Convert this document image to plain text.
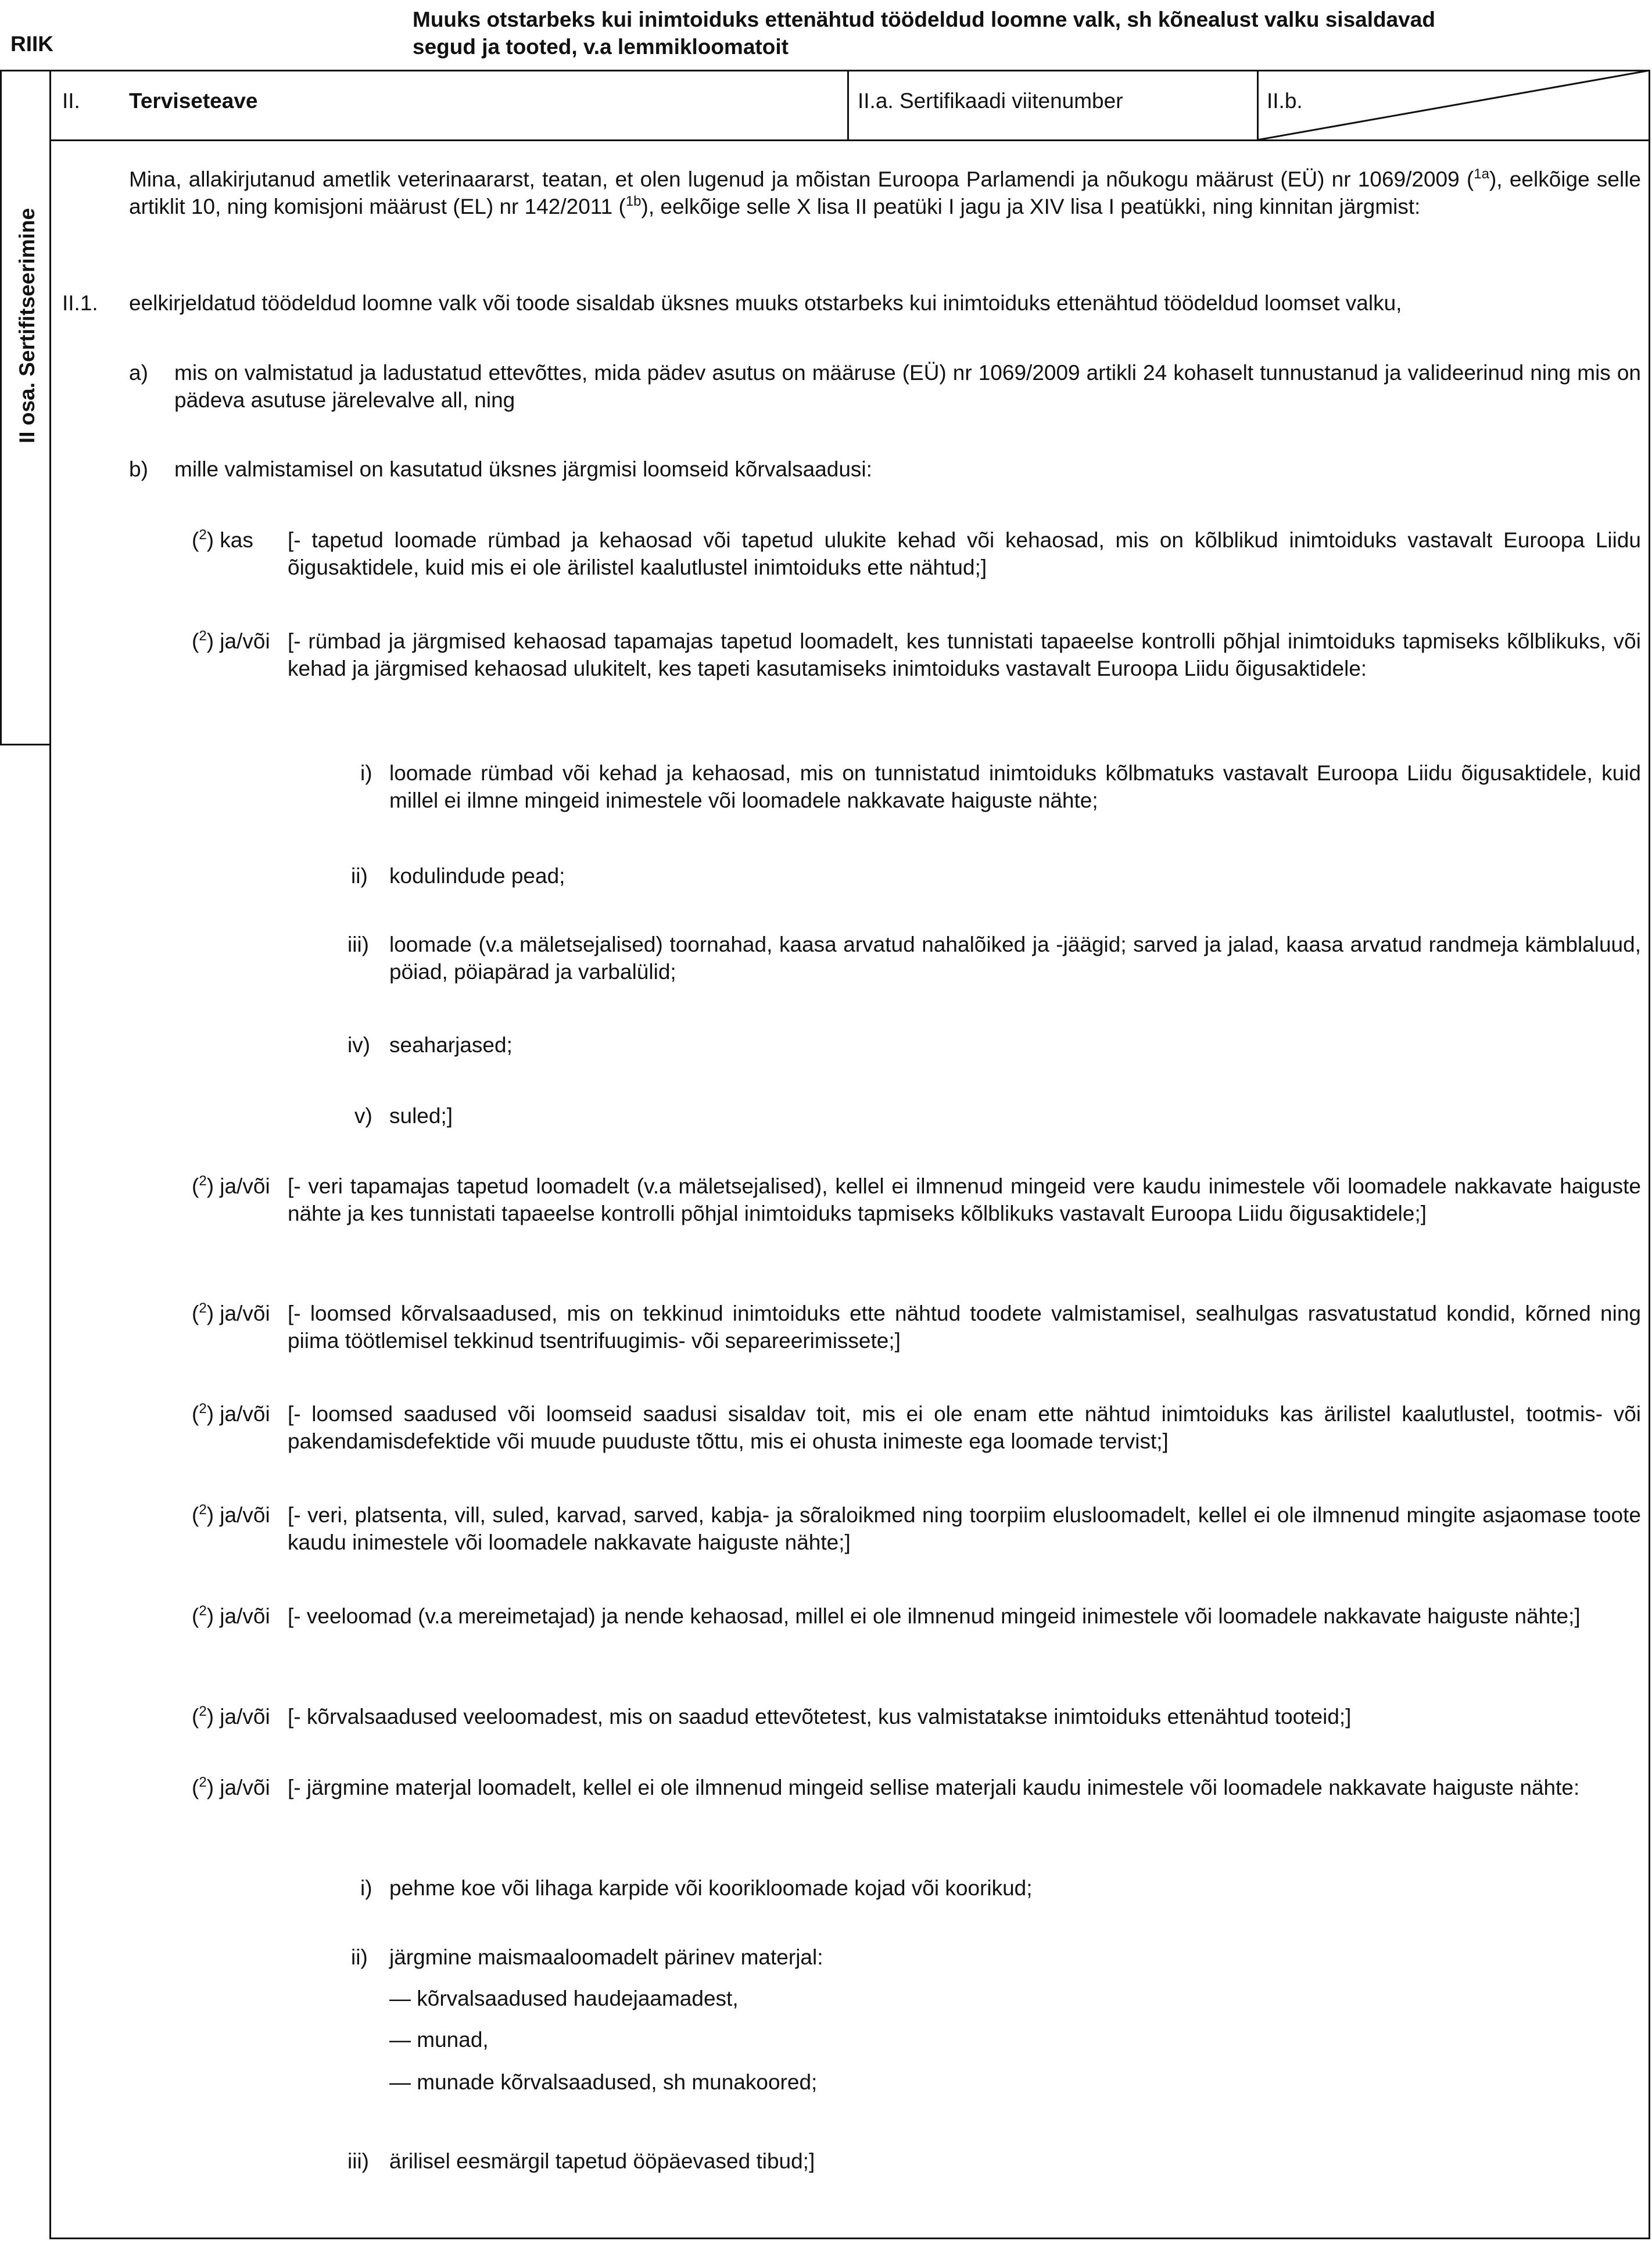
RIIK
Muuks otstarbeks kui inimtoiduks ettenähtud töödeldud loomne valk, sh kõnealust valku sisaldavad
segud ja tooted, v.a lemmikloomatoit
II osa. Sertifitseerimine
II. Terviseteave	II.a. Sertifikaadi viitenumber	II.b.
Mina, allakirjutanud ametlik veterinaararst, teatan, et olen lugenud ja mõistan Euroopa Parlamendi ja nõukogu määrust (EÜ) nr 1069/2009 ($^{1a}$), eelkõige selle artiklit 10, ning komisjoni määrust (EL) nr 142/2011 ($^{1b}$), eelkõige selle X lisa II peatüki I jagu ja XIV lisa I peatükki, ning kinnitan järgmist:
II.1. eelkirjeldatud töödeldud loomne valk või toode sisaldab üksnes muuks otstarbeks kui inimtoiduks ettenähtud töödeldud loomset valku,
a) mis on valmistatud ja ladustatud ettevõttes, mida pädev asutus on määruse (EÜ) nr 1069/2009 artikli 24 kohaselt tunnustanud ja valideerinud ning mis on pädeva asutuse järelevalve all, ning
b) mille valmistamisel on kasutatud üksnes järgmisi loomseid kõrvalsaadusi:
($^2$) kas [- tapetud loomade rümbad ja kehaosad või tapetud ulukite kehad või kehaosad, mis on kõlblikud inimtoiduks vastavalt Euroopa Liidu õigusaktidele, kuid mis ei ole ärilistel kaalutlustel inimtoiduks ette nähtud;]
($^2$) ja/või [- rümbad ja järgmised kehaosad tapamajas tapetud loomadelt, kes tunnistati tapaeelse kontrolli põhjal inimtoiduks tapmiseks kõlblikuks, või kehad ja järgmised kehaosad ulukitelt, kes tapeti kasutamiseks inimtoiduks vastavalt Euroopa Liidu õigusaktidele:
i) loomade rümbad või kehad ja kehaosad, mis on tunnistatud inimtoiduks kõlbmatuks vastavalt Euroopa Liidu õigusaktidele, kuid millel ei ilmne mingeid inimestele või loomadele nakkavate haiguste nähte;
ii) kodulindude pead;
iii) loomade (v.a mäletsejalised) toornahad, kaasa arvatud nahalõiked ja -jäägid; sarved ja jalad, kaasa arvatud randmeja kämblaluud, pöiad, pöiapärad ja varbalülid;
iv) seaharjased;
v) suled;]
($^2$) ja/või [- veri tapamajas tapetud loomadelt (v.a mäletsejalised), kellel ei ilmnenud mingeid vere kaudu inimestele või loomadele nakkavate haiguste nähte ja kes tunnistati tapaeelse kontrolli põhjal inimtoiduks tapmiseks kõlblikuks vastavalt Euroopa Liidu õigusaktidele;]
($^2$) ja/või [- loomsed kõrvalsaadused, mis on tekkinud inimtoiduks ette nähtud toodete valmistamisel, sealhulgas rasvatustatud kondid, kõrned ning piima töötlemisel tekkinud tsentrifuugimis- või separeerimissete;]
($^2$) ja/või [- loomsed saadused või loomseid saadusi sisaldav toit, mis ei ole enam ette nähtud inimtoiduks kas ärilistel kaalutlustel, tootmis- või pakendamisdefektide või muude puuduste tõttu, mis ei ohusta inimeste ega loomade tervist;]
($^2$) ja/või [- veri, platsenta, vill, suled, karvad, sarved, kabja- ja sõraloikmed ning toorpiim elusloomadelt, kellel ei ole ilmnenud mingite asjaomase toote kaudu inimestele või loomadele nakkavate haiguste nähte;]
($^2$) ja/või [- veeloomad (v.a mereimetajad) ja nende kehaosad, millel ei ole ilmnenud mingeid inimestele või loomadele nakkavate haiguste nähte;]
($^2$) ja/või [- kõrvalsaadused veeloomadest, mis on saadud ettevõtetest, kus valmistatakse inimtoiduks ettenähtud tooteid;]
($^2$) ja/või [- järgmine materjal loomadelt, kellel ei ole ilmnenud mingeid sellise materjali kaudu inimestele või loomadele nakkavate haiguste nähte:
i) pehme koe või lihaga karpide või koorikloomade kojad või koorikud;
ii) järgmine maismaaloomadelt pärinev materjal:
— kõrvalsaadused haudejaamadest,
— munad,
— munade kõrvalsaadused, sh munakoored;
iii) ärilisel eesmärgil tapetud ööpäevased tibud;]
